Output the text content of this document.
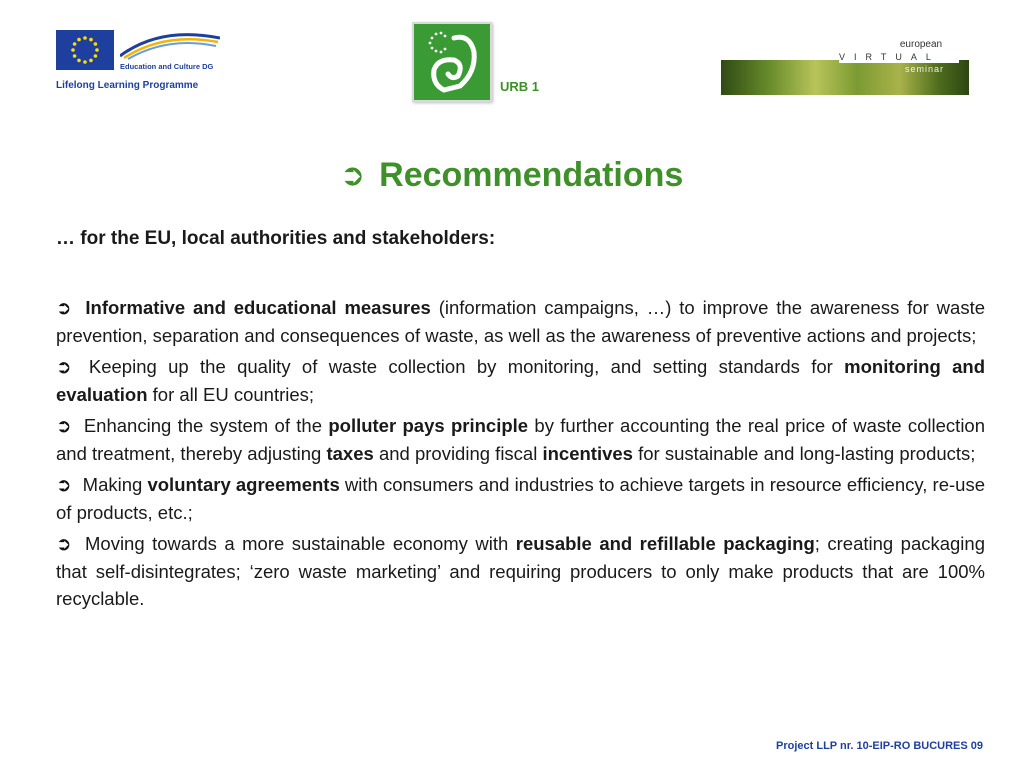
Education and Culture DG
Lifelong Learning Programme	URB 1
european
VIRTUAL
seminar
➲ Recommendations
… for the EU, local authorities and stakeholders:
➲ Informative and educational measures (information campaigns, …) to improve the awareness for waste prevention, separation and consequences of waste, as well as the awareness of preventive actions and projects;
➲ Keeping up the quality of waste collection by monitoring, and setting standards for monitoring and evaluation for all EU countries;
➲ Enhancing the system of the polluter pays principle by further accounting the real price of waste collection and treatment, thereby adjusting taxes and providing fiscal incentives for sustainable and long-lasting products;
➲ Making voluntary agreements with consumers and industries to achieve targets in resource efficiency, re-use of products, etc.;
➲ Moving towards a more sustainable economy with reusable and refillable packaging; creating packaging that self-disintegrates; ‘zero waste marketing’ and requiring producers to only make products that are 100% recyclable.
Project LLP nr. 10-EIP-RO BUCURES 09
